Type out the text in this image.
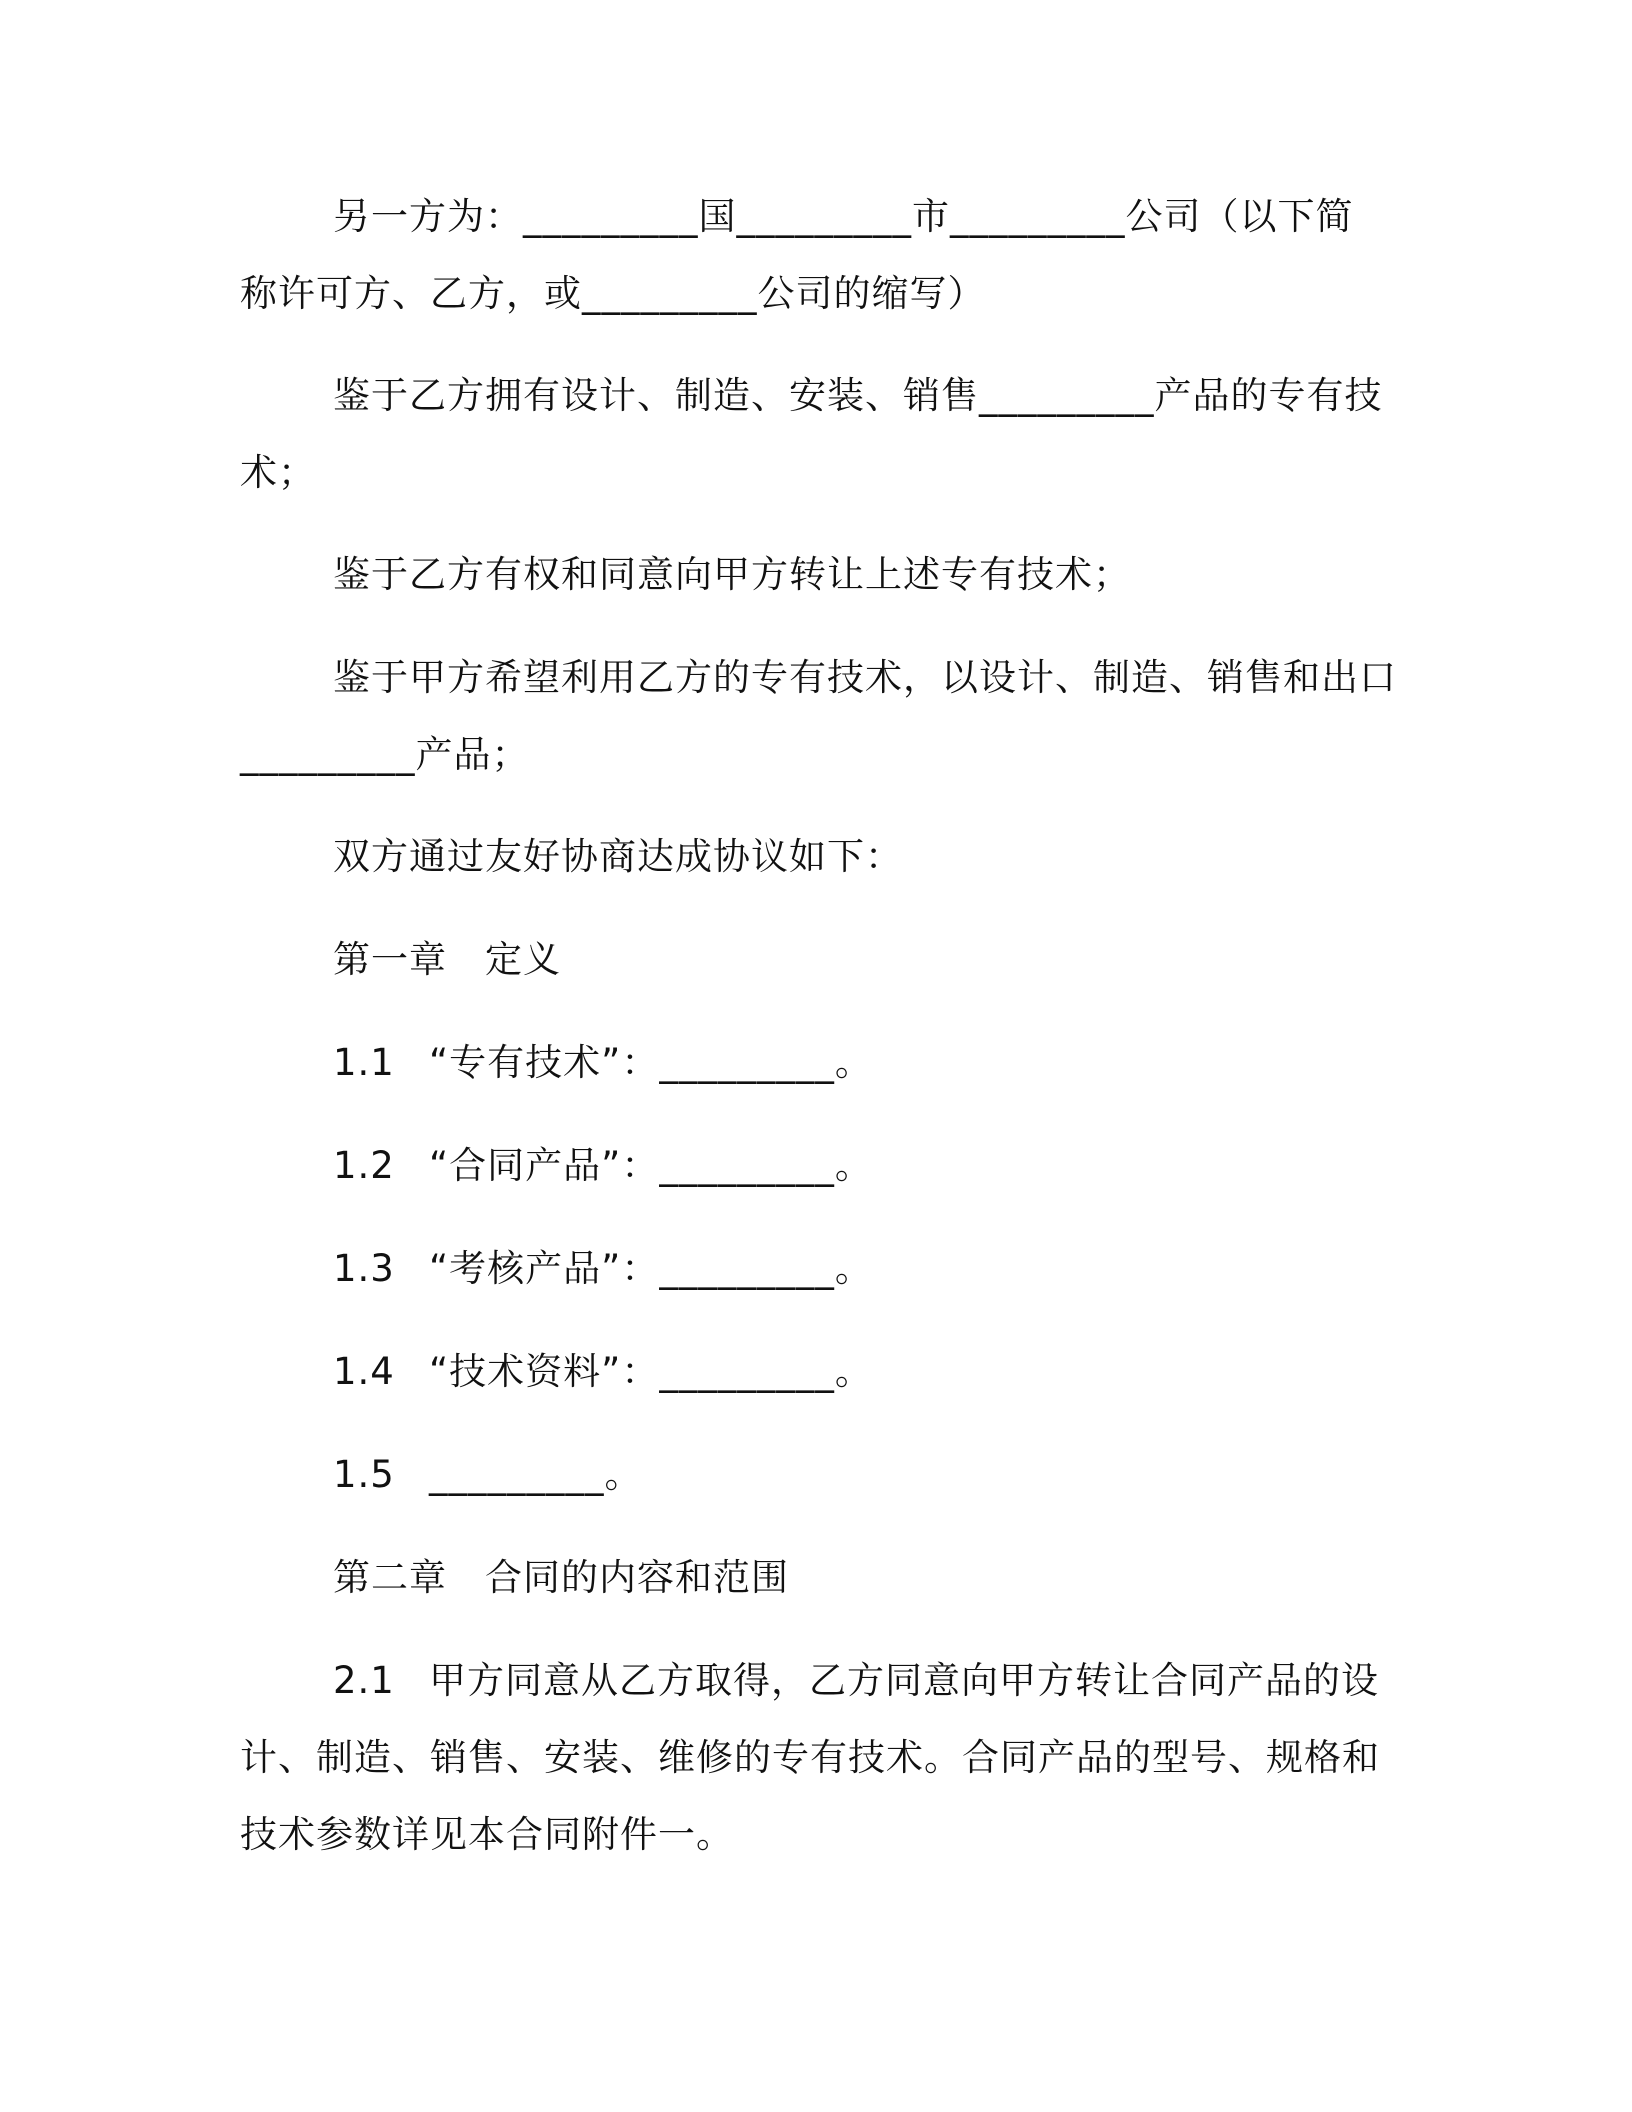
另一方为：_________国_________市_________公司（以下简
称许可方、乙方，或_________公司的缩写）
鉴于乙方拥有设计、制造、安装、销售_________产品的专有技
术；
鉴于乙方有权和同意向甲方转让上述专有技术；
鉴于甲方希望利用乙方的专有技术，以设计、制造、销售和出口
_________产品；
双方通过友好协商达成协议如下：
第一章 定义
1.1 “专有技术”：_________。
1.2 “合同产品”：_________。
1.3 “考核产品”：_________。
1.4 “技术资料”：_________。
1.5 _________。
第二章 合同的内容和范围
2.1 甲方同意从乙方取得，乙方同意向甲方转让合同产品的设
计、制造、销售、安装、维修的专有技术。合同产品的型号、规格和
技术参数详见本合同附件一。
